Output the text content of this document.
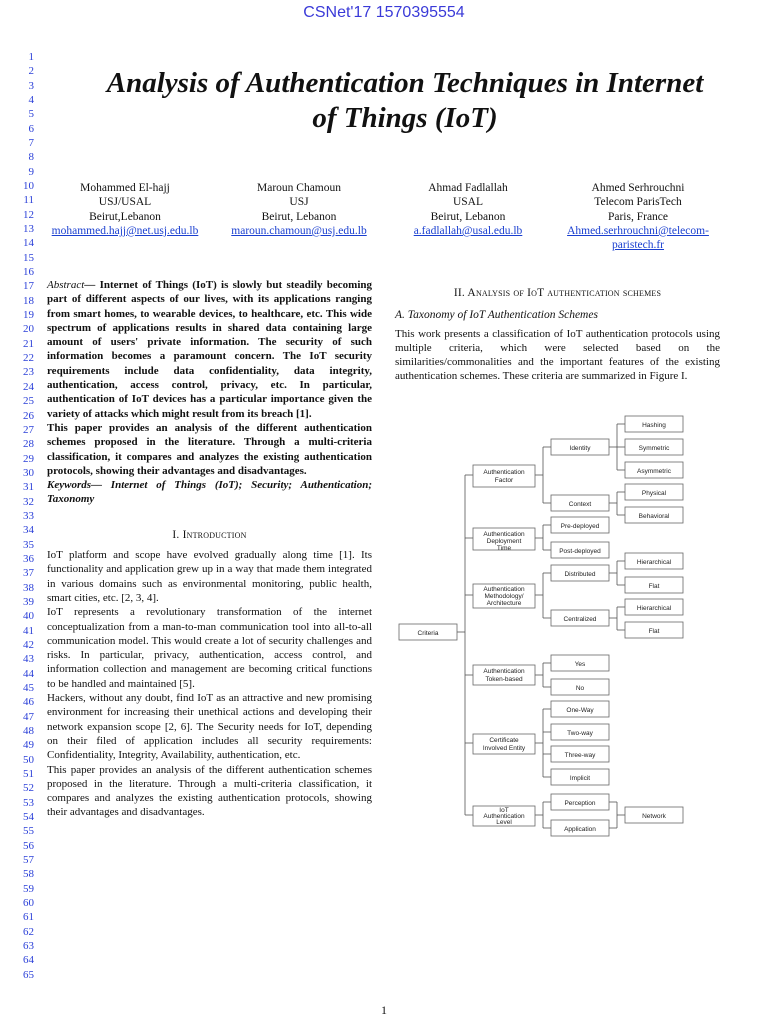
CSNet'17 1570395554
1
2
3
4
5
6
7
8
9
10
11
12
13
14
15
16
17
18
19
20
21
22
23
24
25
26
27
28
29
30
31
32
33
34
35
36
37
38
39
40
41
42
43
44
45
46
47
48
49
50
51
52
53
54
55
56
57
58
59
60
61
62
63
64
65
Analysis of Authentication Techniques in Internet
of Things (IoT)
Mohammed El-hajj
USJ/USAL
Beirut,Lebanon
mohammed.hajj@net.usj.edu.lb
Maroun Chamoun
USJ
Beirut, Lebanon
maroun.chamoun@usj.edu.lb
Ahmad Fadlallah
USAL
Beirut, Lebanon
a.fadlallah@usal.edu.lb
Ahmed Serhrouchni
Telecom ParisTech
Paris, France
Ahmed.serhrouchni@telecom-
paristech.fr

Abstract— Internet of Things (IoT) is slowly but steadily becoming part of different aspects of our lives, with its applications ranging from smart homes, to wearable devices, to healthcare, etc. This wide spectrum of applications results in shared data containing large amount of users' private information. The security of such information becomes a paramount concern. The IoT security requirements include data confidentiality, data integrity, authentication, access control, privacy, etc. In particular, authentication of IoT devices has a particular importance given the variety of attacks which might result from its breach [1].

This paper provides an analysis of the different authentication schemes proposed in the literature. Through a multi-criteria classification, it compares and analyzes the existing authentication protocols, showing their advantages and disadvantages.

Keywords— Internet of Things (IoT); Security; Authentication; Taxonomy

I. Introduction

IoT platform and scope have evolved gradually along time [1]. Its functionality and application grew up in a way that made them integrated in various domains such as environmental monitoring, public health, smart cities, etc. [2, 3, 4].

IoT represents a revolutionary transformation of the internet conceptualization from a man-to-man communication tool into all-to-all communication model. This would create a lot of security challenges and risks. In particular, privacy, authentication, access control, and information collection and management are becoming critical functions to be handled and maintained [5].

Hackers, without any doubt, find IoT as an attractive and new promising environment for increasing their unethical actions and developing their network expansion scope [2, 6]. The Security needs for IoT, depending on their filed of application includes all security requirements: Confidentiality, Integrity, Availability, authentication, etc.

This paper provides an analysis of the different authentication schemes proposed in the literature. Through a multi-criteria classification, it compares and analyzes the existing authentication protocols, showing their advantages and disadvantages.

II. Analysis of IoT authentication schemes
A. Taxonomy of IoT Authentication Schemes

This work presents a classification of IoT authentication protocols using multiple criteria, which were selected based on the similarities/commonalities and the important features of the existing authentication schemes. These criteria are summarized in Figure I.

Criteria
Authentication Factor
Authentication Deployment Time
Authentication Methodology/ Architecture
Authentication Token-based
Certificate Involved Entity
IoT Authentication Level
Identity
Context
Pre-deployed
Post-deployed
Distributed
Centralized
Yes
No
One-Way
Two-way
Three-way
Implicit
Perception
Application
Hashing
Symmetric
Asymmetric
Physical
Behavioral
Hierarchical
Flat
Hierarchical
Flat
Network
1
